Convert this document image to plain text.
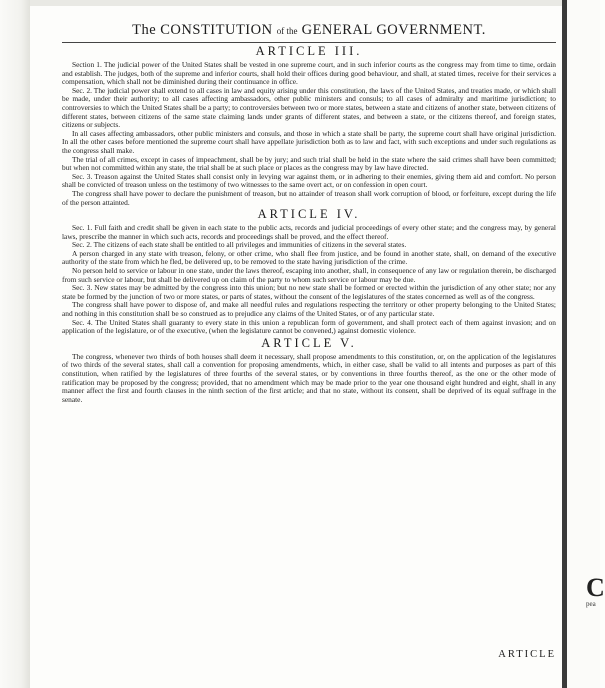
C
pea
The CONSTITUTION of the GENERAL GOVERNMENT.
ARTICLE III.

Section 1. The judicial power of the United States shall be vested in one supreme court, and in such inferior courts as the congress may from time to time, ordain and establish. The judges, both of the supreme and inferior courts, shall hold their offices during good behaviour, and shall, at stated times, receive for their services a compensation, which shall not be diminished during their continuance in office.

Sec. 2. The judicial power shall extend to all cases in law and equity arising under this constitution, the laws of the United States, and treaties made, or which shall be made, under their authority; to all cases affecting ambassadors, other public ministers and consuls; to all cases of admiralty and maritime jurisdiction; to controversies to which the United States shall be a party; to controversies between two or more states, between a state and citizens of another state, between citizens of different states, between citizens of the same state claiming lands under grants of different states, and between a state, or the citizens thereof, and foreign states, citizens or subjects.

In all cases affecting ambassadors, other public ministers and consuls, and those in which a state shall be party, the supreme court shall have original jurisdiction. In all the other cases before mentioned the supreme court shall have appellate jurisdiction both as to law and fact, with such exceptions and under such regulations as the congress shall make.

The trial of all crimes, except in cases of impeachment, shall be by jury; and such trial shall be held in the state where the said crimes shall have been committed; but when not committed within any state, the trial shall be at such place or places as the congress may by law have directed.

Sec. 3. Treason against the United States shall consist only in levying war against them, or in adhering to their enemies, giving them aid and comfort. No person shall be convicted of treason unless on the testimony of two witnesses to the same overt act, or on confession in open court.

The congress shall have power to declare the punishment of treason, but no attainder of treason shall work corruption of blood, or forfeiture, except during the life of the person attainted.

ARTICLE IV.

Sec. 1. Full faith and credit shall be given in each state to the public acts, records and judicial proceedings of every other state; and the congress may, by general laws, prescribe the manner in which such acts, records and proceedings shall be proved, and the effect thereof.

Sec. 2. The citizens of each state shall be entitled to all privileges and immunities of citizens in the several states.

A person charged in any state with treason, felony, or other crime, who shall flee from justice, and be found in another state, shall, on demand of the executive authority of the state from which he fled, be delivered up, to be removed to the state having jurisdiction of the crime.

No person held to service or labour in one state, under the laws thereof, escaping into another, shall, in consequence of any law or regulation therein, be discharged from such service or labour, but shall be delivered up on claim of the party to whom such service or labour may be due.

Sec. 3. New states may be admitted by the congress into this union; but no new state shall be formed or erected within the jurisdiction of any other state; nor any state be formed by the junction of two or more states, or parts of states, without the consent of the legislatures of the states concerned as well as of the congress.

The congress shall have power to dispose of, and make all needful rules and regulations respecting the territory or other property belonging to the United States; and nothing in this constitution shall be so construed as to prejudice any claims of the United States, or of any particular state.

Sec. 4. The United States shall guaranty to every state in this union a republican form of government, and shall protect each of them against invasion; and on application of the legislature, or of the executive, (when the legislature cannot be convened,) against domestic violence.

ARTICLE V.

The congress, whenever two thirds of both houses shall deem it necessary, shall propose amendments to this constitution, or, on the application of the legislatures of two thirds of the several states, shall call a convention for proposing amendments, which, in either case, shall be valid to all intents and purposes as part of this constitution, when ratified by the legislatures of three fourths of the several states, or by conventions in three fourths thereof, as the one or the other mode of ratification may be proposed by the congress; provided, that no amendment which may be made prior to the year one thousand eight hundred and eight, shall in any manner affect the first and fourth clauses in the ninth section of the first article; and that no state, without its consent, shall be deprived of its equal suffrage in the senate.

ARTICLE
